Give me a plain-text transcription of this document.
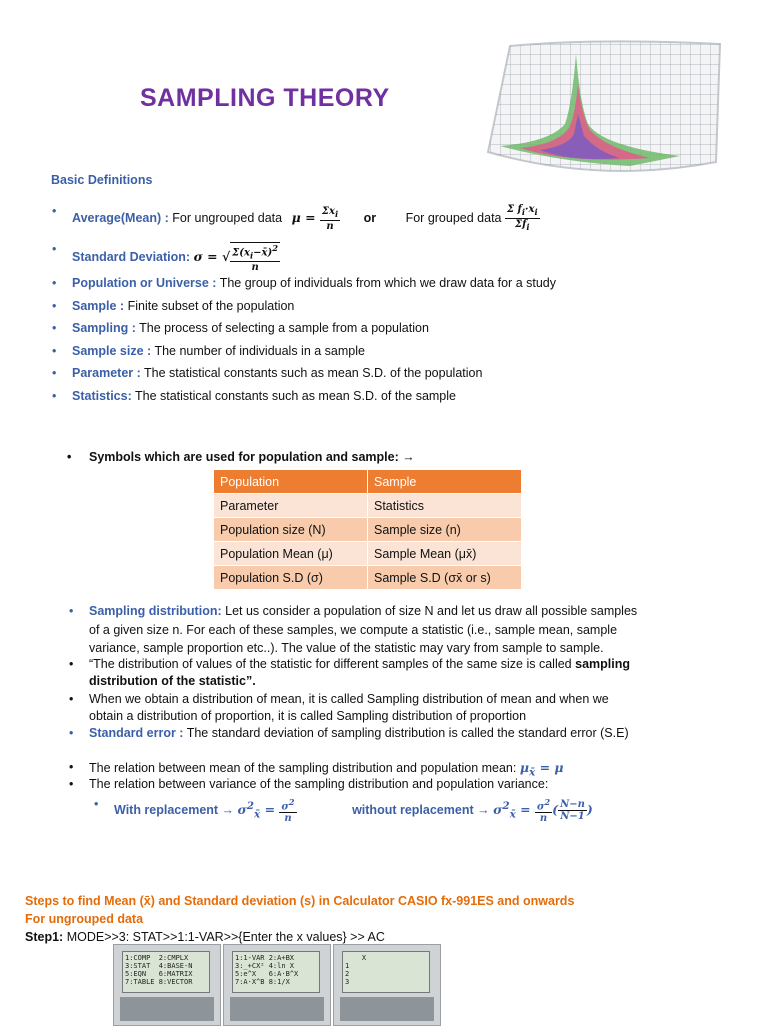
SAMPLING THEORY
Basic Definitions
• Average(Mean) : For ungrouped data $\mu = \frac{\Sigma x_i}{n}$ or For grouped data $\frac{\Sigma f_i\cdot x_i}{\Sigma f_i}$
•
Standard Deviation: σ = √ $\frac{\Sigma(x_i-x̄)^2}{n}$
• Population or Universe : The group of individuals from which we draw data for a study
• Sample : Finite subset of the population
• Sampling : The process of selecting a sample from a population
• Sample size : The number of individuals in a sample
• Parameter : The statistical constants such as mean S.D. of the population
• Statistics: The statistical constants such as mean S.D. of the sample
• Symbols which are used for population and sample: →
Population	Sample
Parameter	Statistics
Population size (N)	Sample size (n)
Population Mean (μ)	Sample Mean (μx̄)
Population S.D (σ)	Sample S.D (σx̄ or s)
• Sampling distribution: Let us consider a population of size N and let us draw all possible samples
of a given size n. For each of these samples, we compute a statistic (i.e., sample mean, sample
variance, sample proportion etc..). The value of the statistic may vary from sample to sample.
• “The distribution of values of the statistic for different samples of the same size is called sampling
distribution of the statistic”.
• When we obtain a distribution of mean, it is called Sampling distribution of mean and when we
obtain a distribution of proportion, it is called Sampling distribution of proportion
• Standard error : The standard deviation of sampling distribution is called the standard error (S.E)
• The relation between mean of the sampling distribution and population mean: $\mu_{x̄} = \mu$
• The relation between variance of the sampling distribution and population variance:
• With replacement → $\sigma^2_{x̄} = \frac{\sigma^2}{n}$	without replacement → $\sigma^2_{x̄} = \frac{\sigma^2}{n}$ ( $\frac{N-n}{N-1}$ )
Steps to find Mean (x̄) and Standard deviation (s) in Calculator CASIO fx-991ES and onwards
For ungrouped data
Step1: MODE>>3: STAT>>1:1-VAR>>{Enter the x values} >> AC
1:COMP  2:CMPLX
3:STAT  4:BASE-N
5:EQN   6:MATRIX
7:TABLE 8:VECTOR
1:1-VAR 2:A+BX
3:_+CX² 4:ln X
5:e^X   6:A·B^X
7:A·X^B 8:1/X
X
1
2
3
